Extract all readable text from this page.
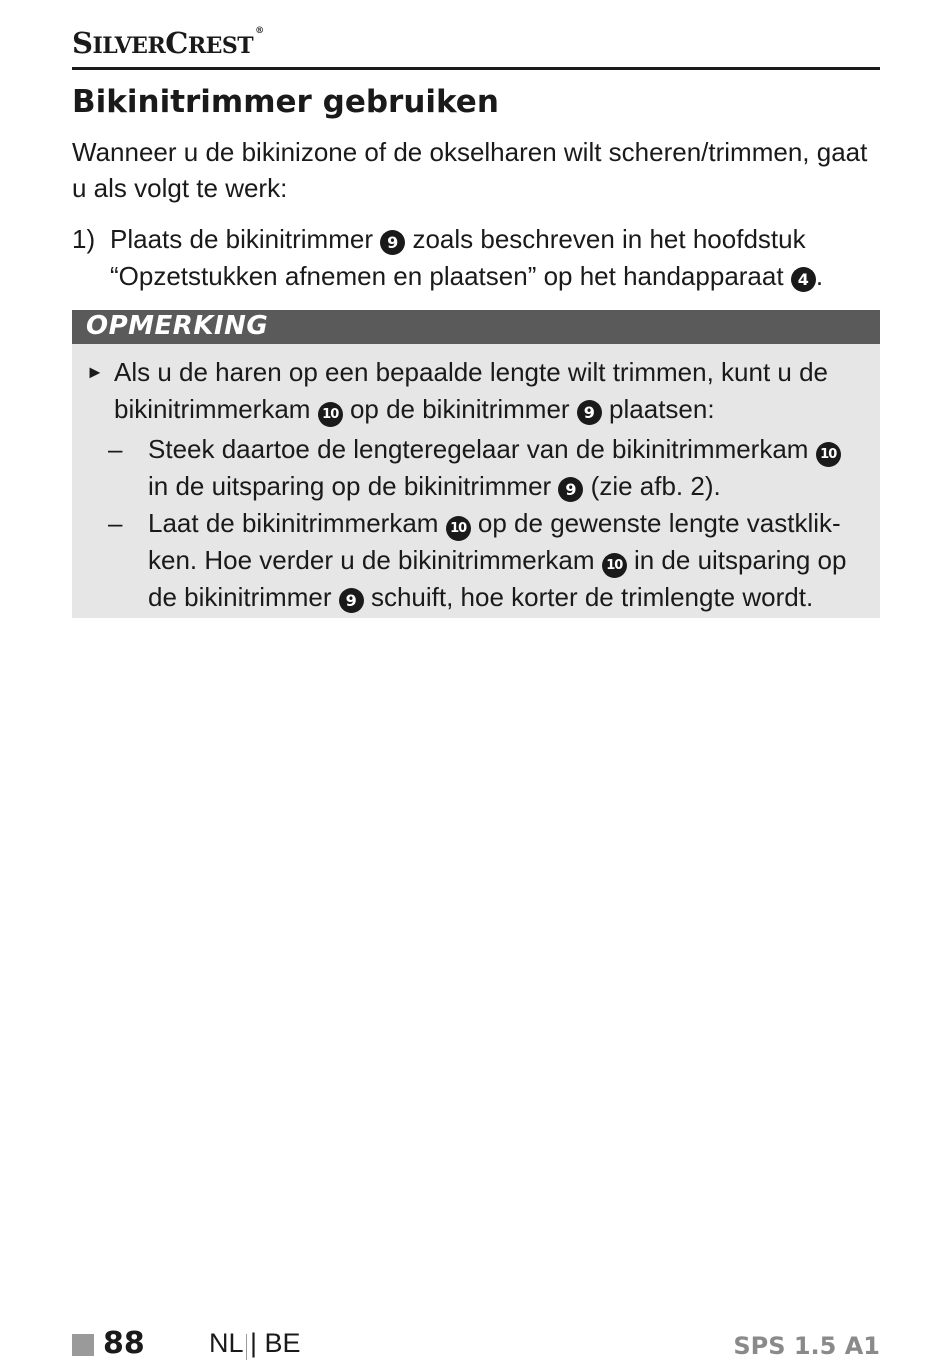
SILVERCREST®
Bikinitrimmer gebruiken
Wanneer u de bikinizone of de okselharen wilt scheren/trimmen, gaat u als volgt te werk:
1) Plaats de bikinitrimmer 9 zoals beschreven in het hoofdstuk “Opzetstukken afnemen en plaatsen” op het handapparaat 4 .
OPMERKING
► Als u de haren op een bepaalde lengte wilt trimmen, kunt u de bikinitrimmerkam 10 op de bikinitrimmer 9 plaatsen:
– Steek daartoe de lengteregelaar van de bikinitrimmerkam 10 in de uitsparing op de bikinitrimmer 9 (zie afb. 2).
– Laat de bikinitrimmerkam 10 op de gewenste lengte vastklik-ken. Hoe verder u de bikinitrimmerkam 10 in de uitsparing op de bikinitrimmer 9 schuift, hoe korter de trimlengte wordt.
88 NL | BE	SPS 1.5 A1
